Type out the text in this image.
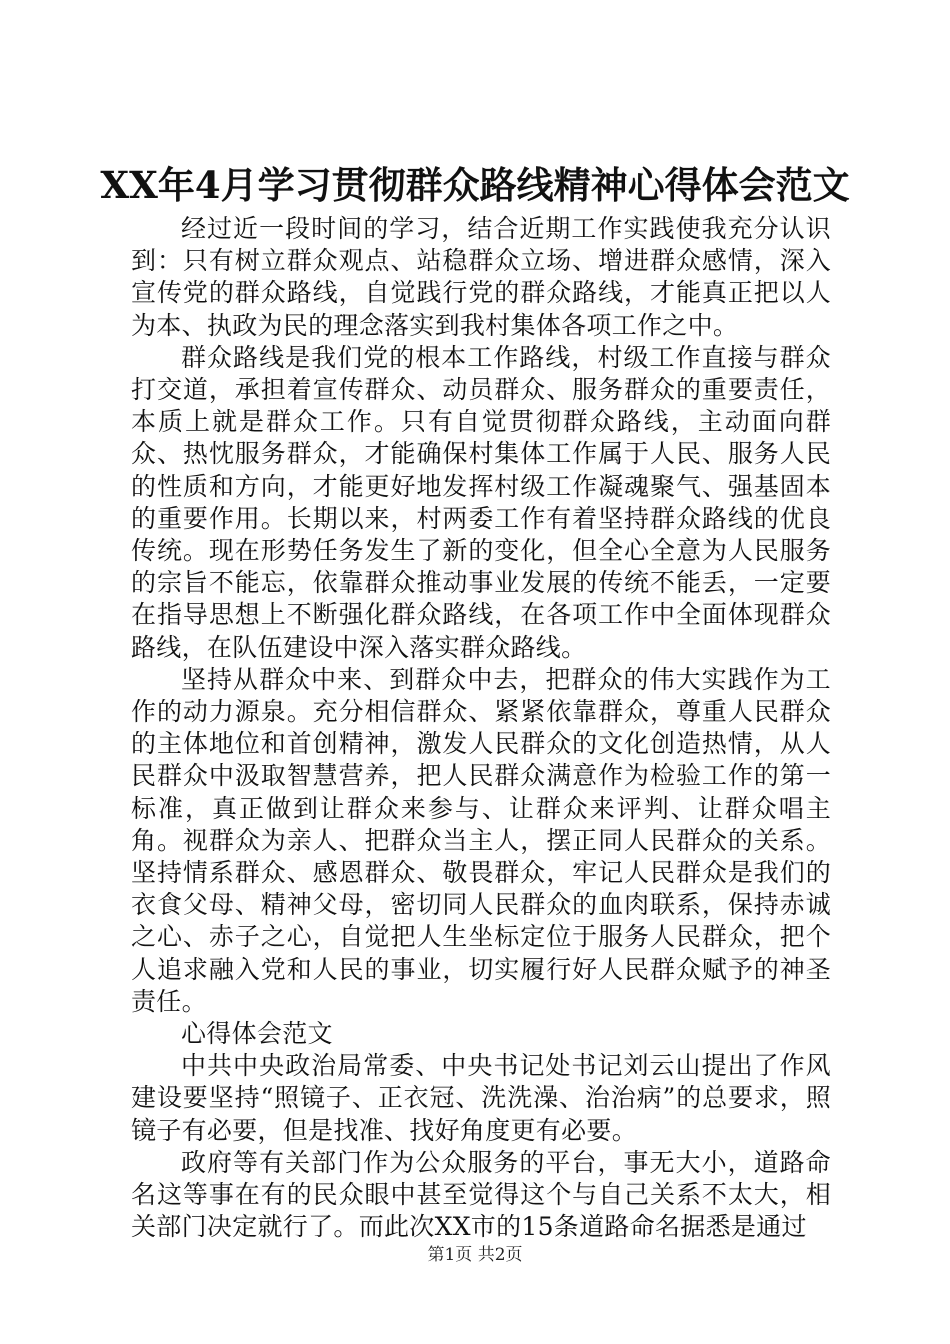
XX年4月学习贯彻群众路线精神心得体会范文

经过近一段时间的学习，结合近期工作实践使我充分认识到：只有树立群众观点、站稳群众立场、增进群众感情，深入宣传党的群众路线，自觉践行党的群众路线，才能真正把以人为本、执政为民的理念落实到我村集体各项工作之中。

群众路线是我们党的根本工作路线，村级工作直接与群众打交道，承担着宣传群众、动员群众、服务群众的重要责任，本质上就是群众工作。只有自觉贯彻群众路线，主动面向群众、热忱服务群众，才能确保村集体工作属于人民、服务人民的性质和方向，才能更好地发挥村级工作凝魂聚气、强基固本的重要作用。长期以来，村两委工作有着坚持群众路线的优良传统。现在形势任务发生了新的变化，但全心全意为人民服务的宗旨不能忘，依靠群众推动事业发展的传统不能丢，一定要在指导思想上不断强化群众路线，在各项工作中全面体现群众路线，在队伍建设中深入落实群众路线。

坚持从群众中来、到群众中去，把群众的伟大实践作为工作的动力源泉。充分相信群众、紧紧依靠群众，尊重人民群众的主体地位和首创精神，激发人民群众的文化创造热情，从人民群众中汲取智慧营养，把人民群众满意作为检验工作的第一标准，真正做到让群众来参与、让群众来评判、让群众唱主角。视群众为亲人、把群众当主人，摆正同人民群众的关系。坚持情系群众、感恩群众、敬畏群众，牢记人民群众是我们的衣食父母、精神父母，密切同人民群众的血肉联系，保持赤诚之心、赤子之心，自觉把人生坐标定位于服务人民群众，把个人追求融入党和人民的事业，切实履行好人民群众赋予的神圣责任。

心得体会范文

中共中央政治局常委、中央书记处书记刘云山提出了作风建设要坚持“照镜子、正衣冠、洗洗澡、治治病”的总要求，照镜子有必要，但是找准、找好角度更有必要。

政府等有关部门作为公众服务的平台，事无大小，道路命名这等事在有的民众眼中甚至觉得这个与自己关系不太大，相关部门决定就行了。而此次XX市的15条道路命名据悉是通过

第1页 共2页
